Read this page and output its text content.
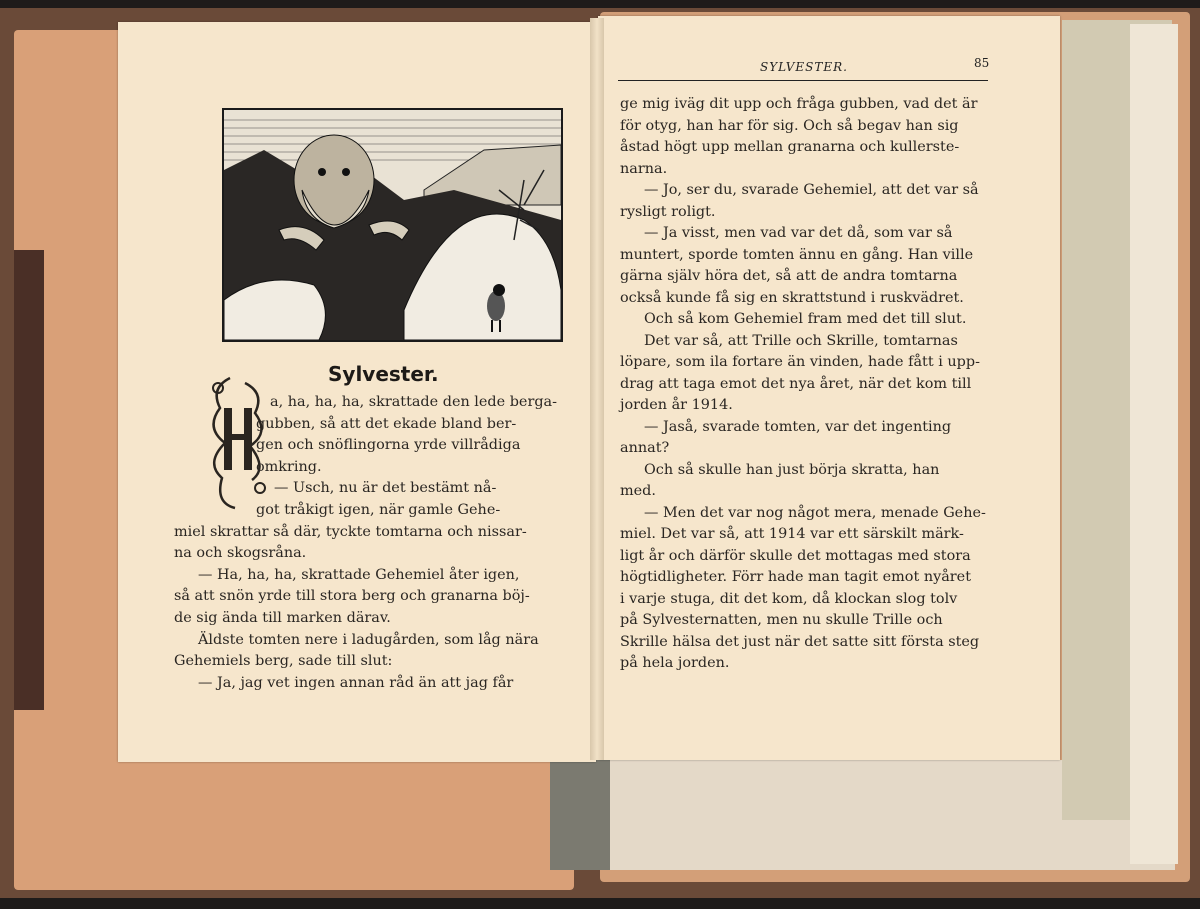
Sylvester.

a, ha, ha, ha, skrattade den lede berga-

gubben, så att det ekade bland ber-

gen och snöflingorna yrde villrådiga

omkring.

— Usch, nu är det bestämt nå-

got tråkigt igen, när gamle Gehe-

miel skrattar så där, tyckte tomtarna och nissar-

na och skogsråna.

— Ha, ha, ha, skrattade Gehemiel åter igen,

så att snön yrde till stora berg och granarna böj-

de sig ända till marken därav.

Äldste tomten nere i ladugården, som låg nära

Gehemiels berg, sade till slut:

— Ja, jag vet ingen annan råd än att jag får

SYLVESTER.	85

ge mig iväg dit upp och fråga gubben, vad det är

för otyg, han har för sig. Och så begav han sig

åstad högt upp mellan granarna och kullerste-

narna.

— Jo, ser du, svarade Gehemiel, att det var så

rysligt roligt.

— Ja visst, men vad var det då, som var så

muntert, sporde tomten ännu en gång. Han ville

gärna själv höra det, så att de andra tomtarna

också kunde få sig en skrattstund i ruskvädret.

Och så kom Gehemiel fram med det till slut.

Det var så, att Trille och Skrille, tomtarnas

löpare, som ila fortare än vinden, hade fått i upp-

drag att taga emot det nya året, när det kom till

jorden år 1914.

— Jaså, svarade tomten, var det ingenting

annat?

Och så skulle han just börja skratta, han

med.

— Men det var nog något mera, menade Gehe-

miel. Det var så, att 1914 var ett särskilt märk-

ligt år och därför skulle det mottagas med stora

högtidligheter. Förr hade man tagit emot nyåret

i varje stuga, dit det kom, då klockan slog tolv

på Sylvesternatten, men nu skulle Trille och

Skrille hälsa det just när det satte sitt första steg

på hela jorden.
